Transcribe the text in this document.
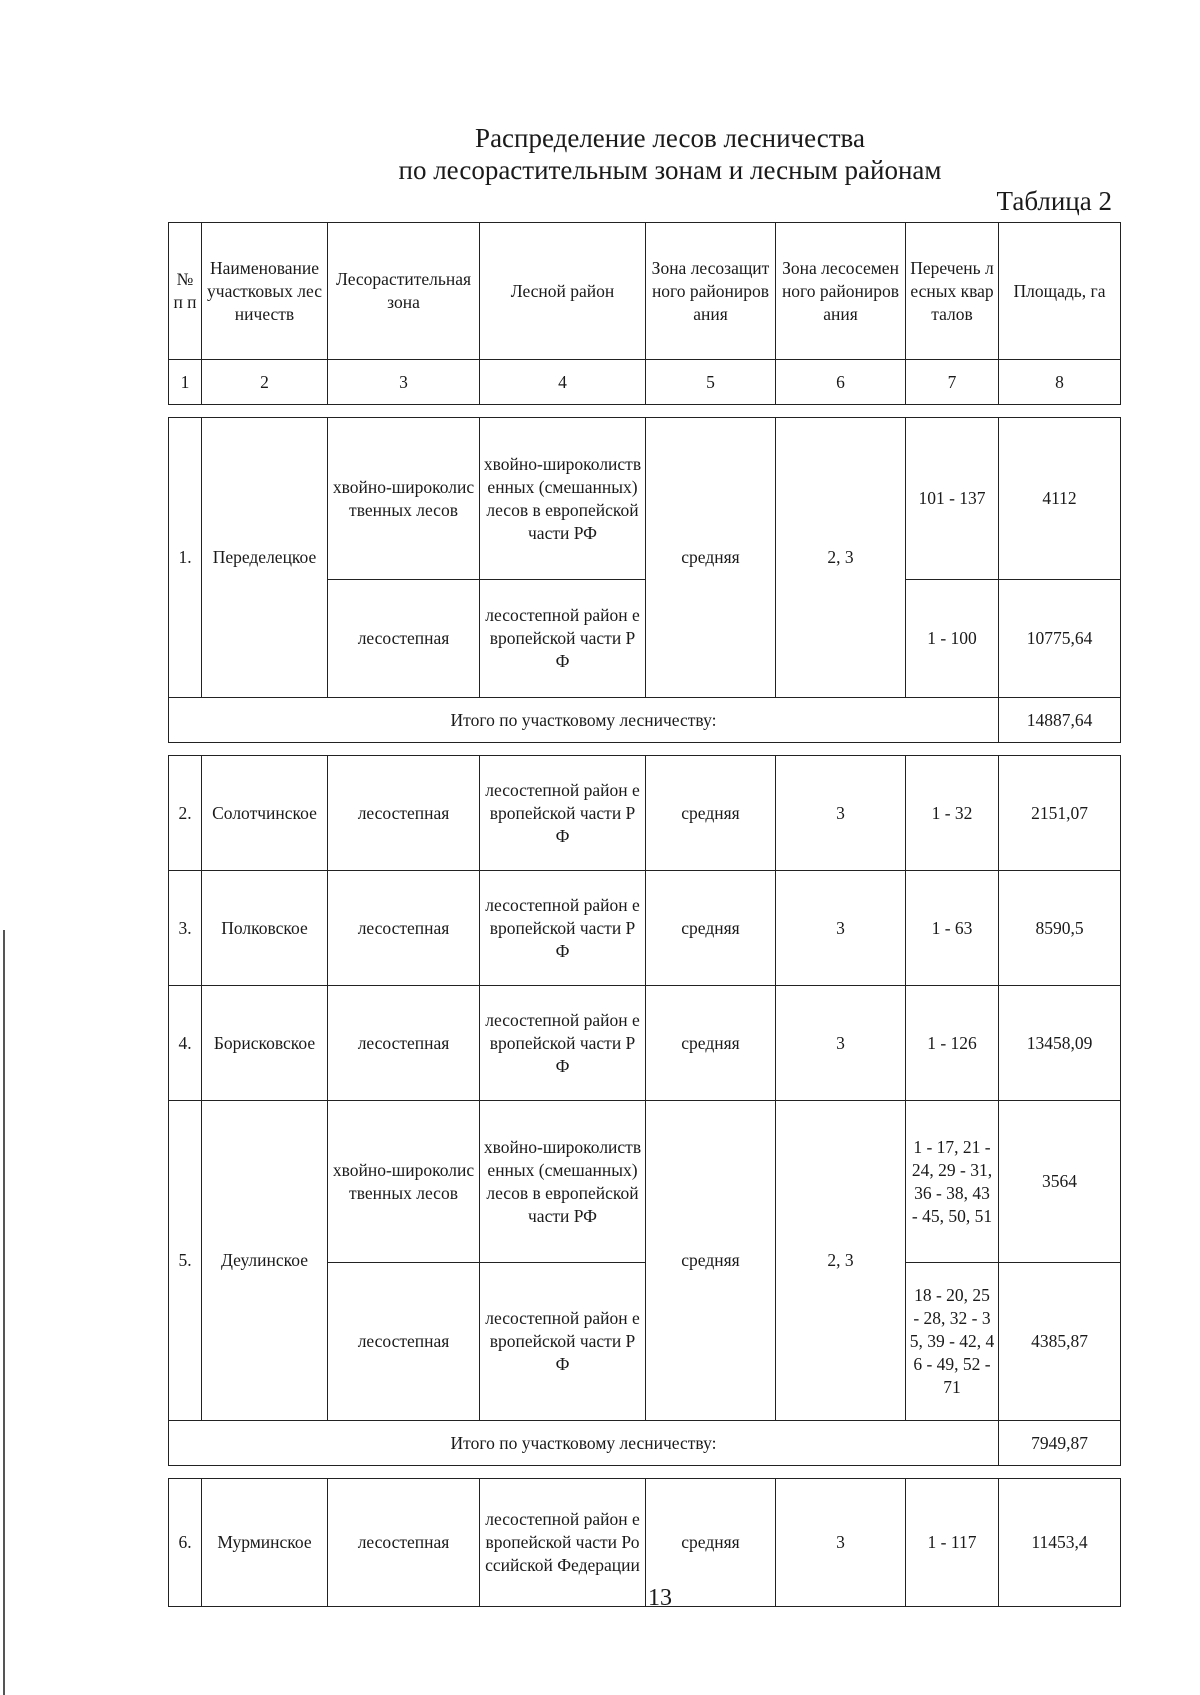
Распределение лесов лесничества
по лесорастительным зонам и лесным районам
Таблица 2
№ п п	Наименование участковых лесничеств	Лесорастительная зона	Лесной район	Зона лесозащитного районирования	Зона лесосеменного районирования	Перечень лесных кварталов	Площадь, га
1	2	3	4	5	6	7	8

1.	Переделецкое	хвойно-широколиственных лесов	хвойно-широколиственных (смешанных) лесов в европейской части РФ	средняя	2, 3	101 - 137	4112
		лесостепная	лесостепной район европейской части РФ			1 - 100	10775,64
Итого по участковому лесничеству:							14887,64

2.	Солотчинское	лесостепная	лесостепной район европейской части РФ	средняя	3	1 - 32	2151,07
3.	Полковское	лесостепная	лесостепной район европейской части РФ	средняя	3	1 - 63	8590,5
4.	Борисковское	лесостепная	лесостепной район европейской части РФ	средняя	3	1 - 126	13458,09
5.	Деулинское	хвойно-широколиственных лесов	хвойно-широколиственных (смешанных) лесов в европейской части РФ	средняя	2, 3	1 - 17, 21 - 24, 29 - 31, 36 - 38, 43 - 45, 50, 51	3564
		лесостепная	лесостепной район европейской части РФ			18 - 20, 25 - 28, 32 - 35, 39 - 42, 46 - 49, 52 - 71	4385,87
Итого по участковому лесничеству:							7949,87

6.	Мурминское	лесостепная	лесостепной район европейской части Российской Федерации	средняя	3	1 - 117	11453,4
13
